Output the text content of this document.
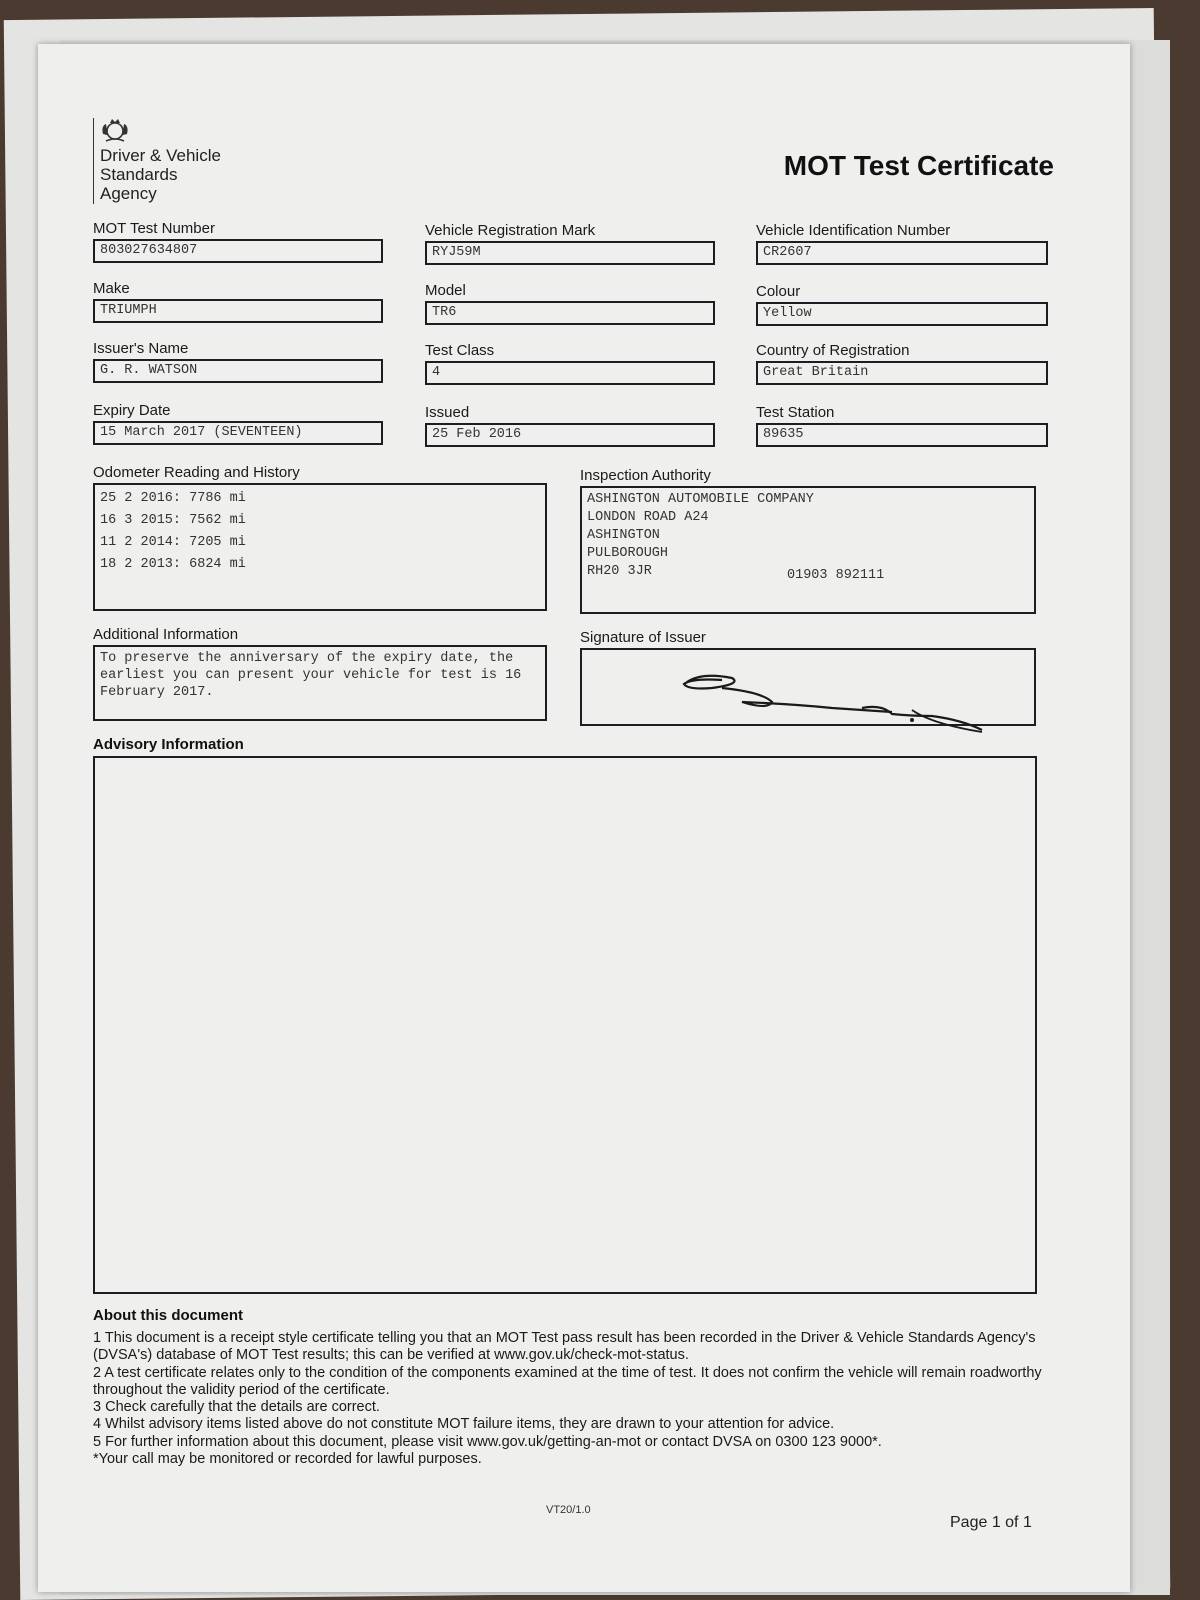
Driver & Vehicle
Standards
Agency
MOT Test Certificate
MOT Test Number
803027634807
Vehicle Registration Mark
RYJ59M
Vehicle Identification Number
CR2607
Make
TRIUMPH
Model
TR6
Colour
Yellow
Issuer's Name
G. R. WATSON
Test Class
4
Country of Registration
Great Britain
Expiry Date
15 March 2017 (SEVENTEEN)
Issued
25 Feb 2016
Test Station
89635
Odometer Reading and History
25 2 2016: 7786 mi
16 3 2015: 7562 mi
11 2 2014: 7205 mi
18 2 2013: 6824 mi
Inspection Authority
ASHINGTON AUTOMOBILE COMPANY
LONDON ROAD A24
ASHINGTON
PULBOROUGH
RH20 3JR	01903 892111
Additional Information
To preserve the anniversary of the expiry date, the earliest you can present your vehicle for test is 16 February 2017.
Signature of Issuer
Advisory Information
About this document
1 This document is a receipt style certificate telling you that an MOT Test pass result has been recorded in the Driver & Vehicle Standards Agency's (DVSA's) database of MOT Test results; this can be verified at www.gov.uk/check-mot-status.
2 A test certificate relates only to the condition of the components examined at the time of test. It does not confirm the vehicle will remain roadworthy throughout the validity period of the certificate.
3 Check carefully that the details are correct.
4 Whilst advisory items listed above do not constitute MOT failure items, they are drawn to your attention for advice.
5 For further information about this document, please visit www.gov.uk/getting-an-mot or contact DVSA on 0300 123 9000*.
*Your call may be monitored or recorded for lawful purposes.
VT20/1.0
Page 1 of 1
